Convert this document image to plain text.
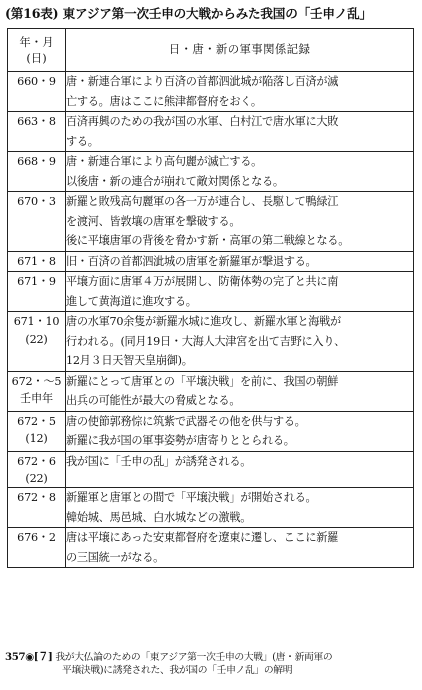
(第16表) 東アジア第一次壬申の大戦からみた我国の「壬申ノ乱」
年・月
(日)	日・唐・新の軍事関係記録
660・9	唐・新連合軍により百済の首都泗泚城が陥落し百済が滅
亡する。唐はここに熊津都督府をおく。

663・8	百済再興のための我が国の水軍、白村江で唐水軍に大敗
する。

668・9	唐・新連合軍により高句麗が滅亡する。
以後唐・新の連合が崩れて敵対関係となる。

670・3	新羅と敗残高句麗軍の各一万が連合し、長駆して鴨緑江
を渡河、皆敦壤の唐軍を撃破する。
後に平壌唐軍の背後を脅かす新・高軍の第二戦線となる。

671・8	旧・百済の首都泗泚城の唐軍を新羅軍が撃退する。

671・9	平壌方面に唐軍４万が展開し、防衛体勢の完了と共に南
進して黄海道に進攻する。

671・10
(22)	唐の水軍70余隻が新羅水城に進攻し、新羅水軍と海戦が
行われる。(同月19日・大海人大津宮を出て吉野に入り、
12月３日天智天皇崩御)。

672・～5
壬申年	新羅にとって唐軍との「平壌決戦」を前に、我国の朝鮮
出兵の可能性が最大の脅威となる。

672・5
(12)	唐の使節郭務悰に筑紫で武器その他を供与する。
新羅に我が国の軍事姿勢が唐寄りととられる。

672・6
(22)	我が国に「壬申の乱」が誘発される。

672・8	新羅軍と唐軍との間で「平壌決戦」が開始される。
韓始城、馬邑城、白水城などの激戦。

676・2	唐は平壌にあった安東都督府を遼東に遷し、ここに新羅
の三国統一がなる。
357◉[７] 我が大仏論のための「東アジア第一次壬申の大戦」(唐・新両軍の
平壌決戦)に誘発された、我が国の「壬申ノ乱」の解明
